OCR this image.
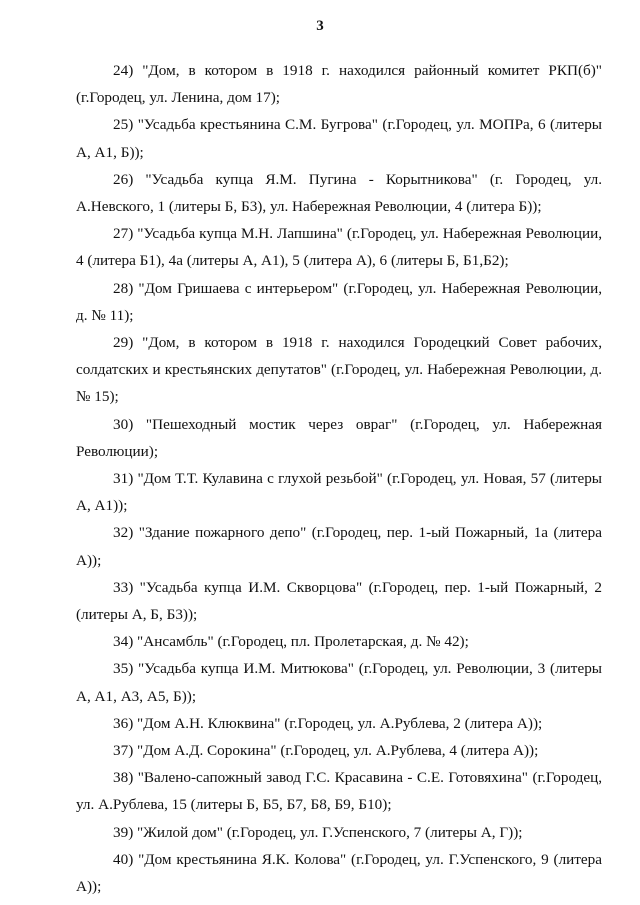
3

24) "Дом, в котором в 1918 г. находился районный комитет РКП(б)" (г.Городец, ул. Ленина, дом 17);

25) "Усадьба крестьянина С.М. Бугрова" (г.Городец, ул. МОПРа, 6 (литеры А, А1, Б));

26) "Усадьба купца Я.М. Пугина - Корытникова" (г. Городец, ул. А.Невского, 1 (литеры Б, Б3), ул. Набережная Революции, 4 (литера Б));

27) "Усадьба купца М.Н. Лапшина" (г.Городец, ул. Набережная Революции, 4 (литера Б1), 4а (литеры А, А1), 5 (литера А), 6 (литеры Б, Б1,Б2);

28) "Дом Гришаева с интерьером" (г.Городец, ул. Набережная Революции, д. № 11);

29) "Дом, в котором в 1918 г. находился Городецкий Совет рабочих, солдатских и крестьянских депутатов" (г.Городец, ул. Набережная Революции, д. № 15);

30) "Пешеходный мостик через овраг" (г.Городец, ул. Набережная Революции);

31) "Дом Т.Т. Кулавина с глухой резьбой" (г.Городец, ул. Новая, 57 (литеры А, А1));

32) "Здание пожарного депо" (г.Городец, пер. 1-ый Пожарный, 1а (литера А));

33) "Усадьба купца И.М. Скворцова" (г.Городец, пер. 1-ый Пожарный, 2 (литеры А, Б, Б3));

34) "Ансамбль" (г.Городец, пл. Пролетарская, д. № 42);

35) "Усадьба купца И.М. Митюкова" (г.Городец, ул. Революции, 3 (литеры А, А1, А3, А5, Б));

36) "Дом А.Н. Клюквина" (г.Городец, ул. А.Рублева, 2 (литера А));

37) "Дом А.Д. Сорокина" (г.Городец, ул. А.Рублева, 4 (литера А));

38) "Валено-сапожный завод Г.С. Красавина - С.Е. Готовяхина" (г.Городец, ул. А.Рублева, 15 (литеры Б, Б5, Б7, Б8, Б9, Б10);

39) "Жилой дом" (г.Городец, ул. Г.Успенского, 7 (литеры А, Г));

40) "Дом крестьянина Я.К. Колова" (г.Городец, ул. Г.Успенского, 9 (литера А));
